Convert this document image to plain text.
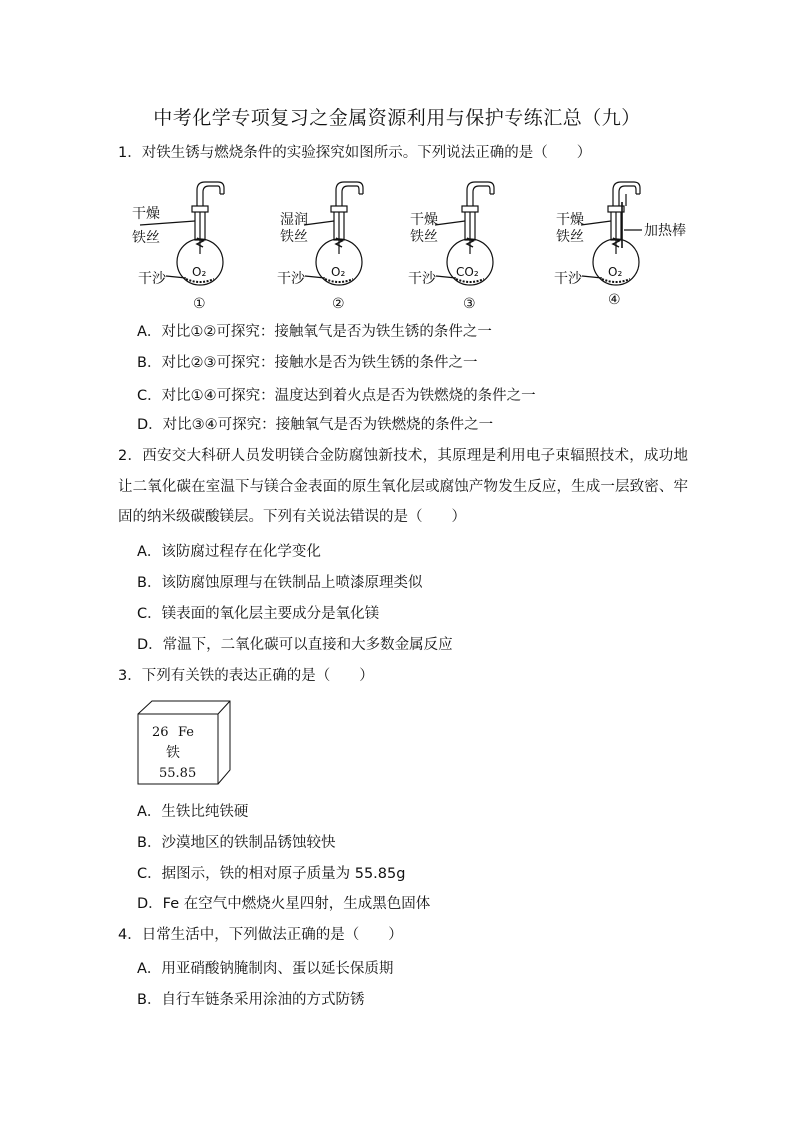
中考化学专项复习之金属资源利用与保护专练汇总（九）
1．对铁生锈与燃烧条件的实验探究如图所示。下列说法正确的是（　　）
干燥
铁丝
O₂
干沙
①
湿润
铁丝
O₂
干沙
②
干燥
铁丝
CO₂
干沙
③
干燥
铁丝	加热棒
O₂
干沙
④
A．对比①②可探究：接触氧气是否为铁生锈的条件之一
B．对比②③可探究：接触水是否为铁生锈的条件之一
C．对比①④可探究：温度达到着火点是否为铁燃烧的条件之一
D．对比③④可探究：接触氧气是否为铁燃烧的条件之一
2．西安交大科研人员发明镁合金防腐蚀新技术，其原理是利用电子束辐照技术，成功地让二氧化碳在室温下与镁合金表面的原生氧化层或腐蚀产物发生反应，生成一层致密、牢固的纳米级碳酸镁层。下列有关说法错误的是（　　）
A．该防腐过程存在化学变化
B．该防腐蚀原理与在铁制品上喷漆原理类似
C．镁表面的氧化层主要成分是氧化镁
D．常温下，二氧化碳可以直接和大多数金属反应
3．下列有关铁的表达正确的是（　　）
26 Fe
铁
55.85
A．生铁比纯铁硬
B．沙漠地区的铁制品锈蚀较快
C．据图示，铁的相对原子质量为 55.85g
D．Fe 在空气中燃烧火星四射，生成黑色固体
4．日常生活中，下列做法正确的是（　　）
A．用亚硝酸钠腌制肉、蛋以延长保质期
B．自行车链条采用涂油的方式防锈
